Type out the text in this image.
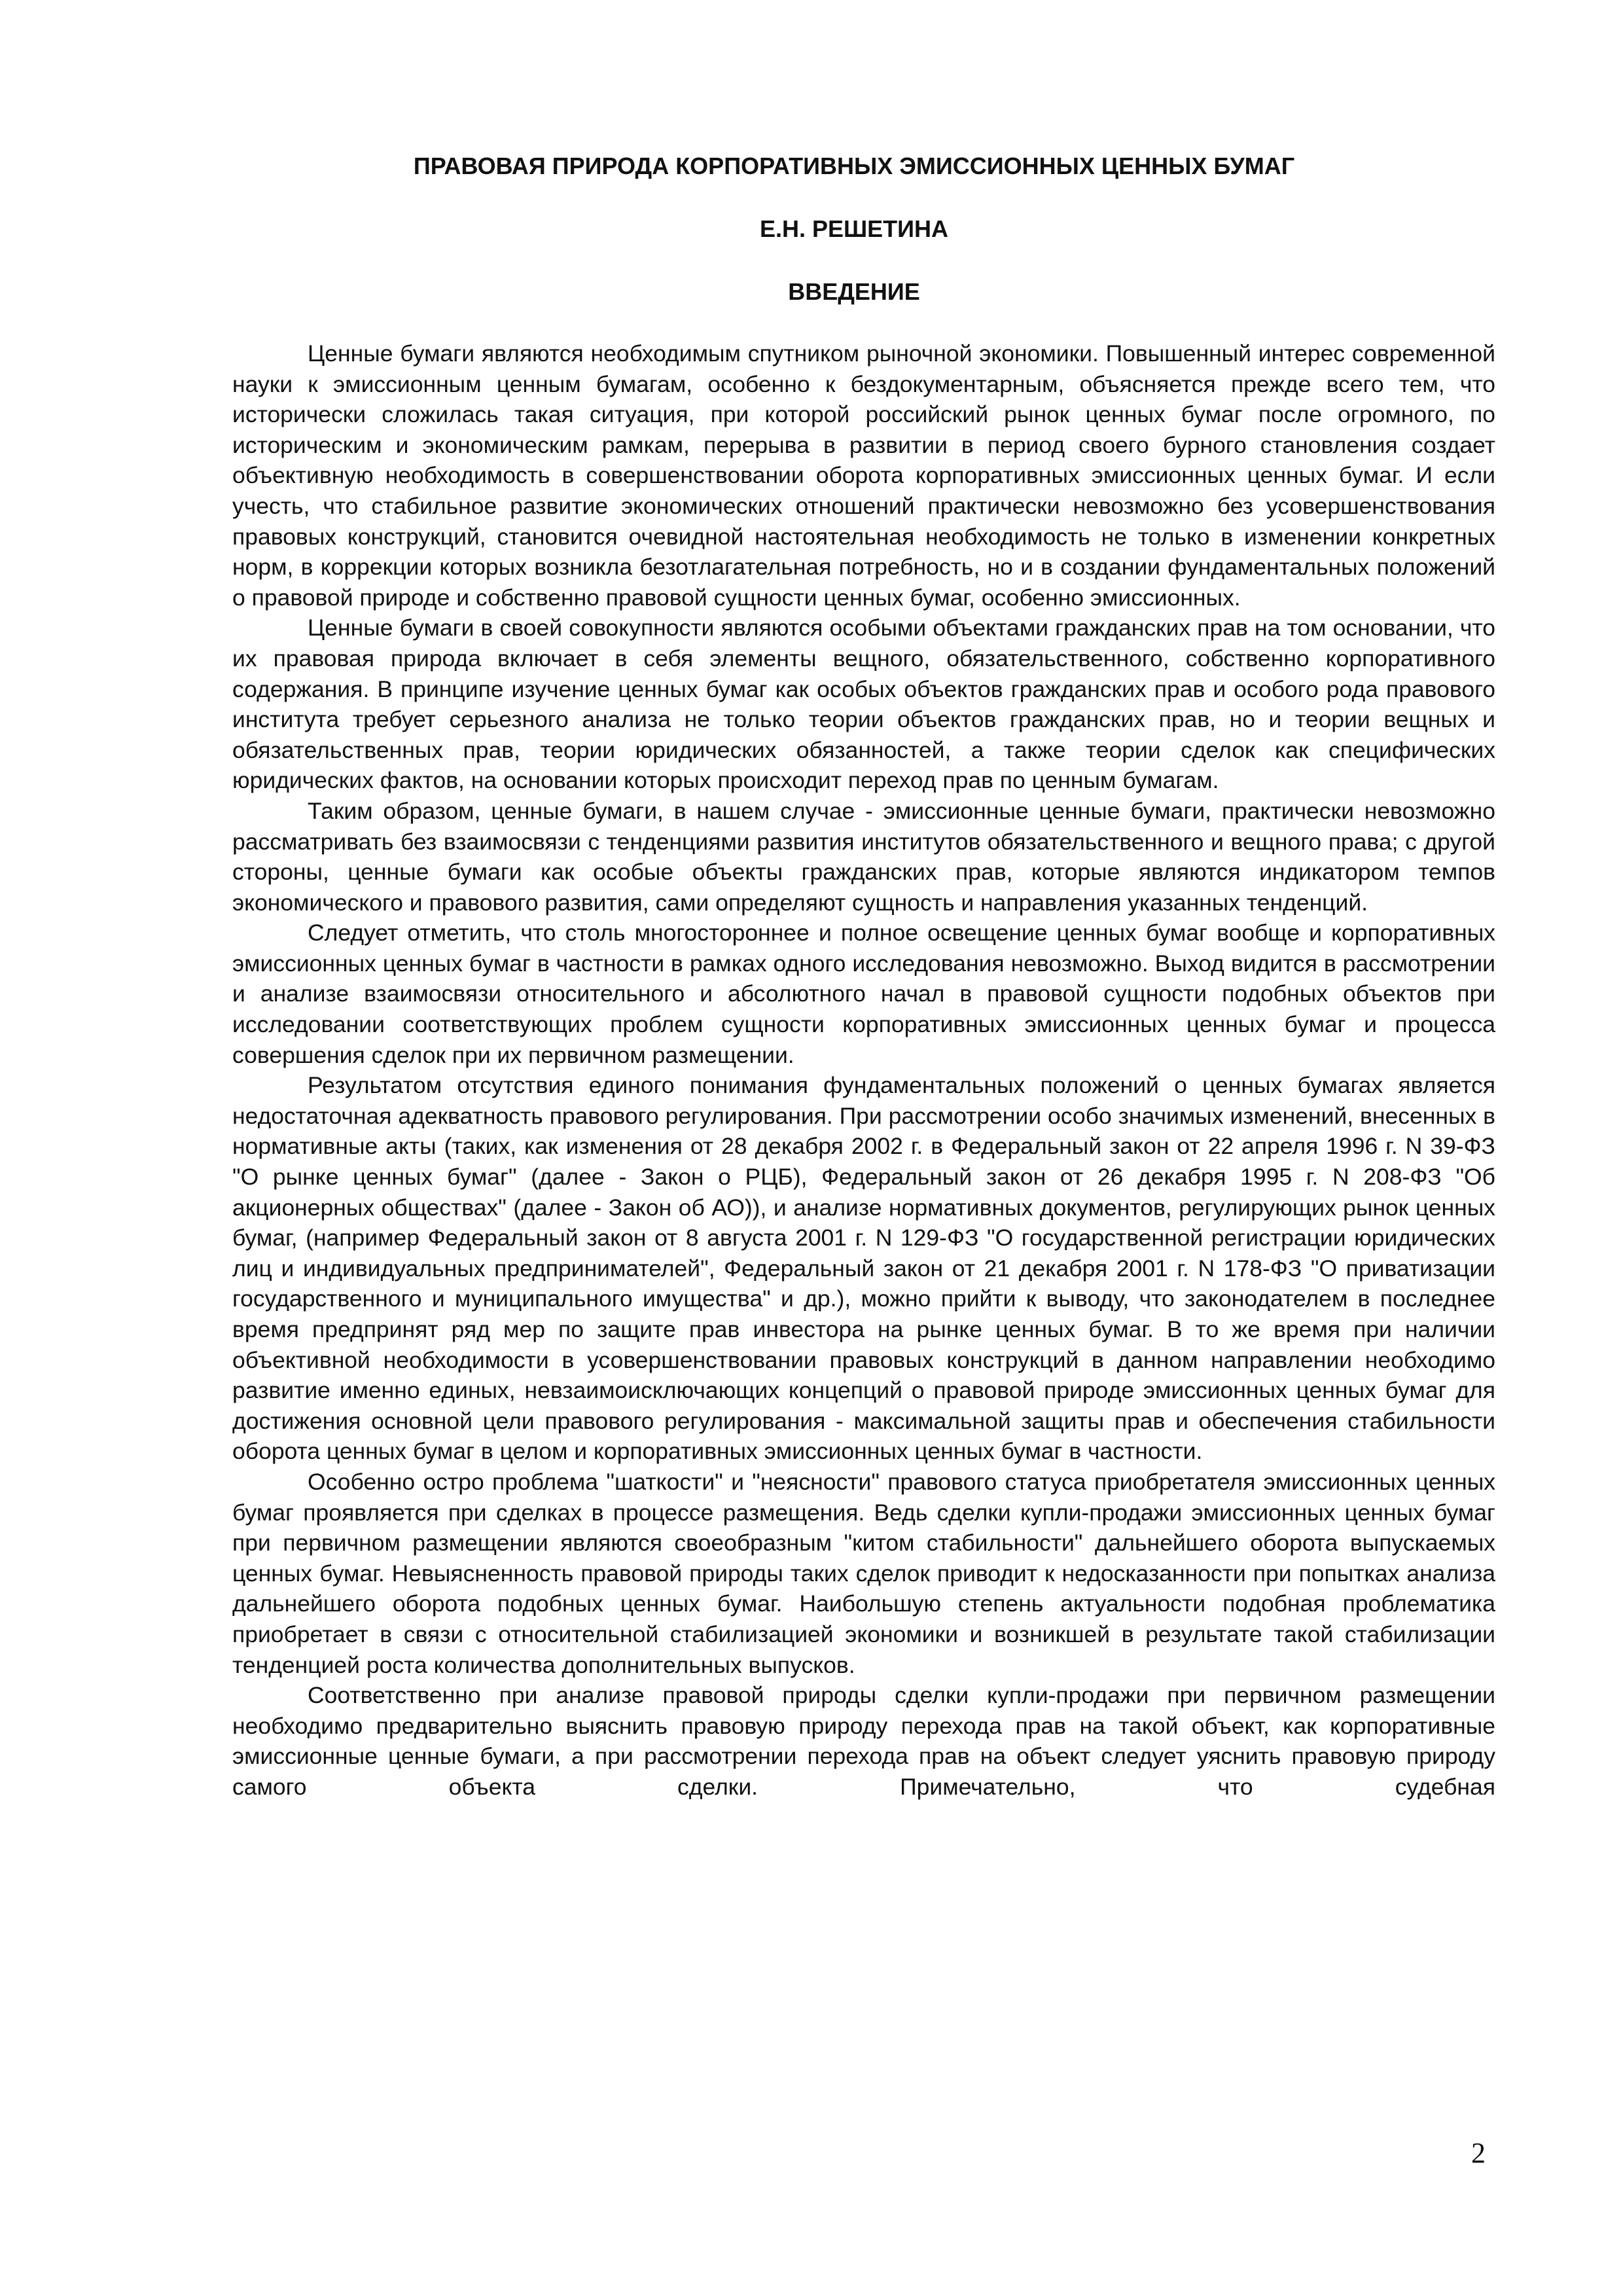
ПРАВОВАЯ ПРИРОДА КОРПОРАТИВНЫХ ЭМИССИОННЫХ ЦЕННЫХ БУМАГ
Е.Н. РЕШЕТИНА
ВВЕДЕНИЕ

Ценные бумаги являются необходимым спутником рыночной экономики. Повышенный интерес современной науки к эмиссионным ценным бумагам, особенно к бездокументарным, объясняется прежде всего тем, что исторически сложилась такая ситуация, при которой российский рынок ценных бумаг после огромного, по историческим и экономическим рамкам, перерыва в развитии в период своего бурного становления создает объективную необходимость в совершенствовании оборота корпоративных эмиссионных ценных бумаг. И если учесть, что стабильное развитие экономических отношений практически невозможно без усовершенствования правовых конструкций, становится очевидной настоятельная необходимость не только в изменении конкретных норм, в коррекции которых возникла безотлагательная потребность, но и в создании фундаментальных положений о правовой природе и собственно правовой сущности ценных бумаг, особенно эмиссионных.

Ценные бумаги в своей совокупности являются особыми объектами гражданских прав на том основании, что их правовая природа включает в себя элементы вещного, обязательственного, собственно корпоративного содержания. В принципе изучение ценных бумаг как особых объектов гражданских прав и особого рода правового института требует серьезного анализа не только теории объектов гражданских прав, но и теории вещных и обязательственных прав, теории юридических обязанностей, а также теории сделок как специфических юридических фактов, на основании которых происходит переход прав по ценным бумагам.

Таким образом, ценные бумаги, в нашем случае - эмиссионные ценные бумаги, практически невозможно рассматривать без взаимосвязи с тенденциями развития институтов обязательственного и вещного права; с другой стороны, ценные бумаги как особые объекты гражданских прав, которые являются индикатором темпов экономического и правового развития, сами определяют сущность и направления указанных тенденций.

Следует отметить, что столь многостороннее и полное освещение ценных бумаг вообще и корпоративных эмиссионных ценных бумаг в частности в рамках одного исследования невозможно. Выход видится в рассмотрении и анализе взаимосвязи относительного и абсолютного начал в правовой сущности подобных объектов при исследовании соответствующих проблем сущности корпоративных эмиссионных ценных бумаг и процесса совершения сделок при их первичном размещении.

Результатом отсутствия единого понимания фундаментальных положений о ценных бумагах является недостаточная адекватность правового регулирования. При рассмотрении особо значимых изменений, внесенных в нормативные акты (таких, как изменения от 28 декабря 2002 г. в Федеральный закон от 22 апреля 1996 г. N 39-ФЗ "О рынке ценных бумаг" (далее - Закон о РЦБ), Федеральный закон от 26 декабря 1995 г. N 208-ФЗ "Об акционерных обществах" (далее - Закон об АО)), и анализе нормативных документов, регулирующих рынок ценных бумаг, (например Федеральный закон от 8 августа 2001 г. N 129-ФЗ "О государственной регистрации юридических лиц и индивидуальных предпринимателей", Федеральный закон от 21 декабря 2001 г. N 178-ФЗ "О приватизации государственного и муниципального имущества" и др.), можно прийти к выводу, что законодателем в последнее время предпринят ряд мер по защите прав инвестора на рынке ценных бумаг. В то же время при наличии объективной необходимости в усовершенствовании правовых конструкций в данном направлении необходимо развитие именно единых, невзаимоисключающих концепций о правовой природе эмиссионных ценных бумаг для достижения основной цели правового регулирования - максимальной защиты прав и обеспечения стабильности оборота ценных бумаг в целом и корпоративных эмиссионных ценных бумаг в частности.

Особенно остро проблема "шаткости" и "неясности" правового статуса приобретателя эмиссионных ценных бумаг проявляется при сделках в процессе размещения. Ведь сделки купли-продажи эмиссионных ценных бумаг при первичном размещении являются своеобразным "китом стабильности" дальнейшего оборота выпускаемых ценных бумаг. Невыясненность правовой природы таких сделок приводит к недосказанности при попытках анализа дальнейшего оборота подобных ценных бумаг. Наибольшую степень актуальности подобная проблематика приобретает в связи с относительной стабилизацией экономики и возникшей в результате такой стабилизации тенденцией роста количества дополнительных выпусков.

Соответственно при анализе правовой природы сделки купли-продажи при первичном размещении необходимо предварительно выяснить правовую природу перехода прав на такой объект, как корпоративные эмиссионные ценные бумаги, а при рассмотрении перехода прав на объект следует уяснить правовую природу самого объекта сделки. Примечательно, что судебная

2
